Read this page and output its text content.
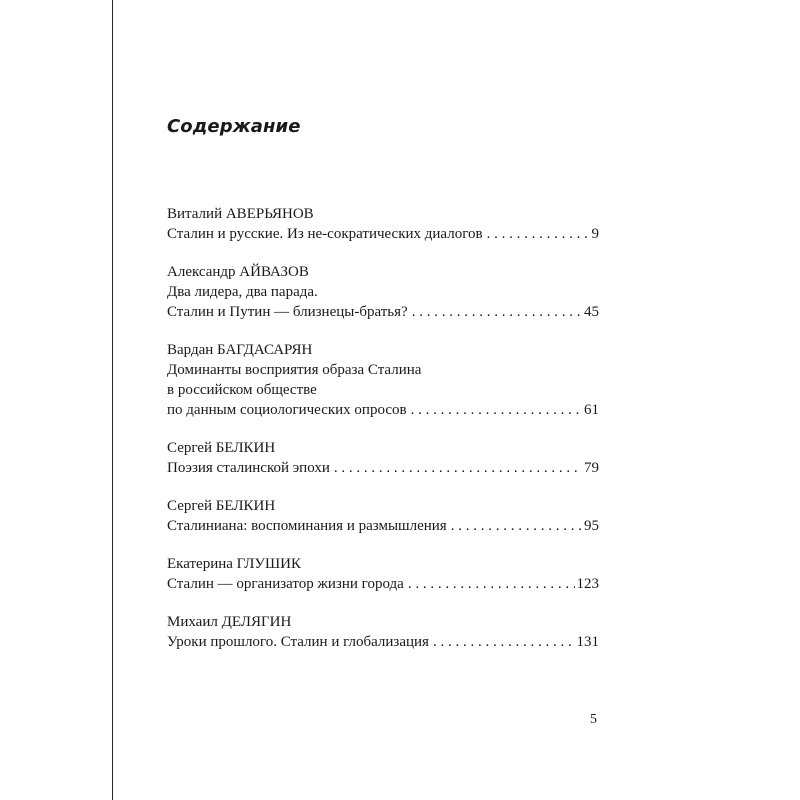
Содержание
Виталий АВЕРЬЯНОВ
Сталин и русские. Из не-сократических диалогов . . .	9
Александр АЙВАЗОВ
Два лидера, два парада.
Сталин и Путин — близнецы-братья? . . .	45
Вардан БАГДАСАРЯН
Доминанты восприятия образа Сталина
в российском обществе
по данным социологических опросов . . .	61
Сергей БЕЛКИН
Поэзия сталинской эпохи . . .	79
Сергей БЕЛКИН
Сталиниана: воспоминания и размышления . . .	95
Екатерина ГЛУШИК
Сталин — организатор жизни города . . .	123
Михаил ДЕЛЯГИН
Уроки прошлого. Сталин и глобализация . . .	131
5
